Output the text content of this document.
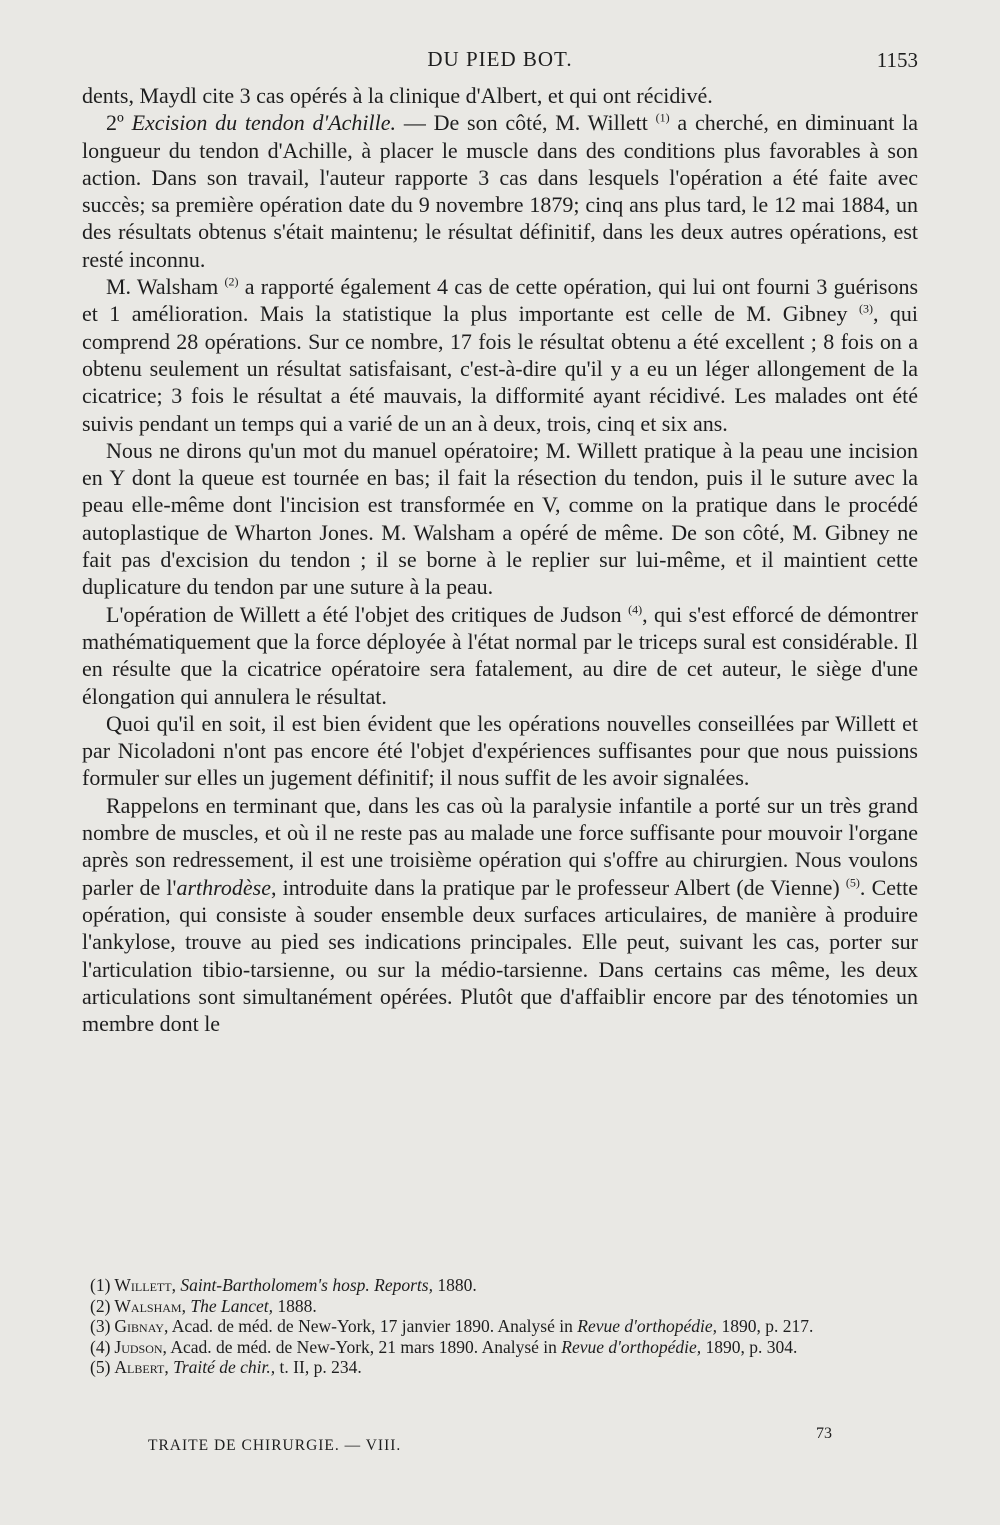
DU PIED BOT.	1153

dents, Maydl cite 3 cas opérés à la clinique d'Albert, et qui ont récidivé.

2º Excision du tendon d'Achille. — De son côté, M. Willett $^{(1)}$ a cherché, en diminuant la longueur du tendon d'Achille, à placer le muscle dans des conditions plus favorables à son action. Dans son travail, l'auteur rapporte 3 cas dans lesquels l'opération a été faite avec succès; sa première opération date du 9 novembre 1879; cinq ans plus tard, le 12 mai 1884, un des résultats obtenus s'était maintenu; le résultat définitif, dans les deux autres opérations, est resté inconnu.

M. Walsham $^{(2)}$ a rapporté également 4 cas de cette opération, qui lui ont fourni 3 guérisons et 1 amélioration. Mais la statistique la plus importante est celle de M. Gibney $^{(3)}$, qui comprend 28 opérations. Sur ce nombre, 17 fois le résultat obtenu a été excellent ; 8 fois on a obtenu seulement un résultat satisfaisant, c'est-à-dire qu'il y a eu un léger allongement de la cicatrice; 3 fois le résultat a été mauvais, la difformité ayant récidivé. Les malades ont été suivis pendant un temps qui a varié de un an à deux, trois, cinq et six ans.

Nous ne dirons qu'un mot du manuel opératoire; M. Willett pratique à la peau une incision en Y dont la queue est tournée en bas; il fait la résection du tendon, puis il le suture avec la peau elle-même dont l'incision est transformée en V, comme on la pratique dans le procédé autoplastique de Wharton Jones. M. Walsham a opéré de même. De son côté, M. Gibney ne fait pas d'excision du tendon ; il se borne à le replier sur lui-même, et il maintient cette duplicature du tendon par une suture à la peau.

L'opération de Willett a été l'objet des critiques de Judson $^{(4)}$, qui s'est efforcé de démontrer mathématiquement que la force déployée à l'état normal par le triceps sural est considérable. Il en résulte que la cicatrice opératoire sera fatalement, au dire de cet auteur, le siège d'une élongation qui annulera le résultat.

Quoi qu'il en soit, il est bien évident que les opérations nouvelles conseillées par Willett et par Nicoladoni n'ont pas encore été l'objet d'expériences suffisantes pour que nous puissions formuler sur elles un jugement définitif; il nous suffit de les avoir signalées.

Rappelons en terminant que, dans les cas où la paralysie infantile a porté sur un très grand nombre de muscles, et où il ne reste pas au malade une force suffisante pour mouvoir l'organe après son redressement, il est une troisième opération qui s'offre au chirurgien. Nous voulons parler de l'arthrodèse, introduite dans la pratique par le professeur Albert (de Vienne) $^{(5)}$. Cette opération, qui consiste à souder ensemble deux surfaces articulaires, de manière à produire l'ankylose, trouve au pied ses indications principales. Elle peut, suivant les cas, porter sur l'articulation tibio-tarsienne, ou sur la médio-tarsienne. Dans certains cas même, les deux articulations sont simultanément opérées. Plutôt que d'affaiblir encore par des ténotomies un membre dont le

(1) Willett, Saint-Bartholomem's hosp. Reports, 1880.

(2) Walsham, The Lancet, 1888.

(3) Gibnay, Acad. de méd. de New-York, 17 janvier 1890. Analysé in Revue d'orthopédie, 1890, p. 217.

(4) Judson, Acad. de méd. de New-York, 21 mars 1890. Analysé in Revue d'orthopédie, 1890, p. 304.

(5) Albert, Traité de chir., t. II, p. 234.

TRAITE DE CHIRURGIE. — VIII.
73
